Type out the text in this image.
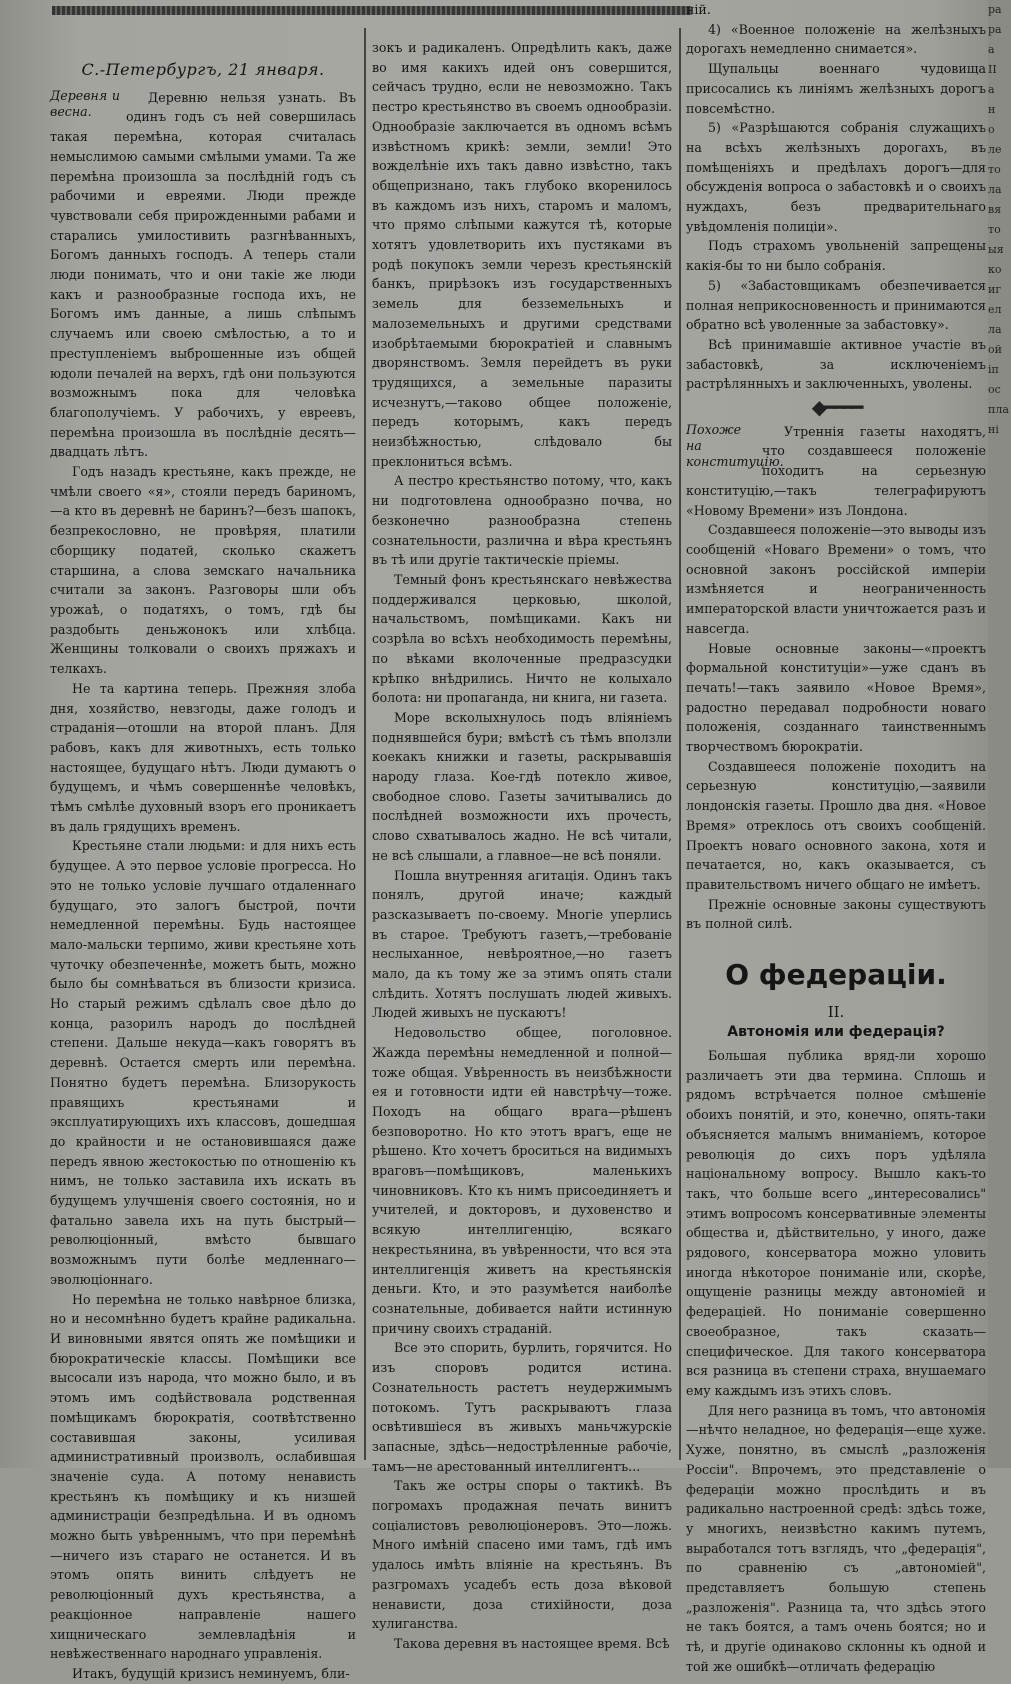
С.-Петербургъ, 21 января.
Деревня и весна.

Деревню нельзя узнать. Въ одинъ годъ съ ней совершилась такая перемѣна, которая считалась немыслимою самыми смѣлыми умами. Та же перемѣна произошла за послѣдній годъ съ рабочими и евреями. Люди прежде чувствовали себя прирожденными рабами и старались умилостивить разгнѣванныхъ, Богомъ данныхъ господъ. А теперь стали люди понимать, что и они такіе же люди какъ и разнообразные господа ихъ, не Богомъ имъ данные, а лишь слѣпымъ случаемъ или своею смѣлостью, а то и преступленіемъ выброшенные изъ общей юдоли печалей на верхъ, гдѣ они пользуются возможнымъ пока для человѣка благополучіемъ. У рабочихъ, у евреевъ, перемѣна произошла въ послѣдніе десять—двадцать лѣтъ.

Годъ назадъ крестьяне, какъ прежде, не чмѣли своего «я», стояли передъ бариномъ,—а кто въ деревнѣ не баринъ?—безъ шапокъ, безпрекословно, не провѣряя, платили сборщику податей, сколько скажетъ старшина, а слова земскаго начальника считали за законъ. Разговоры шли объ урожаѣ, о податяхъ, о томъ, гдѣ бы раздобыть деньжонокъ или хлѣбца. Женщины толковали о своихъ пряжахъ и телкахъ.

Не та картина теперь. Прежняя злоба дня, хозяйство, невзгоды, даже голодъ и страданія—отошли на второй планъ. Для рабовъ, какъ для животныхъ, есть только настоящее, будущаго нѣтъ. Люди думаютъ о будущемъ, и чѣмъ совершеннѣе человѣкъ, тѣмъ смѣлѣе духовный взоръ его проникаетъ въ даль грядущихъ временъ.

Крестьяне стали людьми: и для нихъ есть будущее. А это первое условіе прогресса. Но это не только условіе лучшаго отдаленнаго будущаго, это залогъ быстрой, почти немедленной перемѣны. Будь настоящее мало-мальски терпимо, живи крестьяне хоть чуточку обезпеченнѣе, можетъ быть, можно было бы сомнѣваться въ близости кризиса. Но старый режимъ сдѣлалъ свое дѣло до конца, разорилъ народъ до послѣдней степени. Дальше некуда—какъ говорятъ въ деревнѣ. Остается смерть или перемѣна. Понятно будетъ перемѣна. Близорукость правящихъ крестьянами и эксплуатирующихъ ихъ классовъ, дошедшая до крайности и не остановившаяся даже передъ явною жестокостью по отношенію къ нимъ, не только заставила ихъ искать въ будущемъ улучшенія своего состоянія, но и фатально завела ихъ на путь быстрый—революціонный, вмѣсто бывшаго возможнымъ пути болѣе медленнаго—эволюціоннаго.

Но перемѣна не только навѣрное близка, но и несомнѣнно будетъ крайне радикальна. И виновными явятся опять же помѣщики и бюрократическіе классы. Помѣщики все высосали изъ народа, что можно было, и въ этомъ имъ содѣйствовала родственная помѣщикамъ бюрократія, соотвѣтственно составившая законы, усиливая административный произволъ, ослабившая значеніе суда. А потому ненависть крестьянъ къ помѣщику и къ низшей администраціи безпредѣльна. И въ одномъ можно быть увѣреннымъ, что при перемѣнѣ—ничего изъ стараго не останется. И въ этомъ опять винить слѣдуетъ не революціонный духъ крестьянства, а реакціонное направленіе нашего хищническаго землевладѣнія и невѣжественнаго народнаго управленія.

Итакъ, будущій кризисъ неминуемъ, бли-

зокъ и радикаленъ. Опредѣлить какъ, даже во имя какихъ идей онъ совершится, сейчасъ трудно, если не невозможно. Такъ пестро крестьянство въ своемъ однообразіи. Однообразіе заключается въ одномъ всѣмъ извѣстномъ крикѣ: земли, земли! Это вожделѣніе ихъ такъ давно извѣстно, такъ общепризнано, такъ глубоко вкоренилось въ каждомъ изъ нихъ, старомъ и маломъ, что прямо слѣпыми кажутся тѣ, которые хотятъ удовлетворить ихъ пустяками въ родѣ покупокъ земли черезъ крестьянскій банкъ, прирѣзокъ изъ государственныхъ земель для безземельныхъ и малоземельныхъ и другими средствами изобрѣтаемыми бюрократіей и славнымъ дворянствомъ. Земля перейдетъ въ руки трудящихся, а земельные паразиты исчезнутъ,—таково общее положеніе, передъ которымъ, какъ передъ неизбѣжностью, слѣдовало бы преклониться всѣмъ.

А пестро крестьянство потому, что, какъ ни подготовлена однообразно почва, но безконечно разнообразна степень сознательности, различна и вѣра крестьянъ въ тѣ или другіе тактическіе пріемы.

Темный фонъ крестьянскаго невѣжества поддерживался церковью, школой, начальствомъ, помѣщиками. Какъ ни созрѣла во всѣхъ необходимость перемѣны, по вѣками вколоченные предразсудки крѣпко внѣдрились. Ничто не колыхало болота: ни пропаганда, ни книга, ни газета.

Море всколыхнулось подъ вліяніемъ поднявшейся бури; вмѣстѣ съ тѣмъ вползли коекакъ книжки и газеты, раскрывавшія народу глаза. Кое-гдѣ потекло живое, свободное слово. Газеты зачитывались до послѣдней возможности ихъ прочесть, слово схватывалось жадно. Не всѣ читали, не всѣ слышали, а главное—не всѣ поняли.

Пошла внутренняя агитація. Одинъ такъ понялъ, другой иначе; каждый разсказываетъ по-своему. Многіе уперлись въ старое. Требуютъ газетъ,—требованіе неслыханное, невѣроятное,—но газетъ мало, да къ тому же за этимъ опять стали слѣдить. Хотятъ послушать людей живыхъ. Людей живыхъ не пускаютъ!

Недовольство общее, поголовное. Жажда перемѣны немедленной и полной—тоже общая. Увѣренность въ неизбѣжности ея и готовности идти ей навстрѣчу—тоже. Походъ на общаго врага—рѣшенъ безповоротно. Но кто этотъ врагъ, еще не рѣшено. Кто хочетъ броситься на видимыхъ враговъ—помѣщиковъ, маленькихъ чиновниковъ. Кто къ нимъ присоединяетъ и учителей, и докторовъ, и духовенство и всякую интеллигенцію, всякаго некрестьянина, въ увѣренности, что вся эта интеллигенція живетъ на крестьянскія деньги. Кто, и это разумѣется наиболѣе сознательные, добивается найти истинную причину своихъ страданій.

Все это спорить, бурлить, горячится. Но изъ споровъ родится истина. Сознательность растетъ неудержимымъ потокомъ. Тутъ раскрываютъ глаза освѣтившіеся въ живыхъ маньчжурскіе запасные, здѣсь—недострѣленные рабочіе, тамъ—не арестованный интеллигентъ...

Такъ же остры споры о тактикѣ. Въ погромахъ продажная печать винитъ соціалистовъ революціонеровъ. Это—ложь. Много имѣній спасено ими тамъ, гдѣ имъ удалось имѣть вліяніе на крестьянъ. Въ разгромахъ усадебъ есть доза вѣковой ненависти, доза стихійности, доза хулиганства.

Такова деревня въ настоящее время. Всѣ

ній.

4) «Военное положеніе на желѣзныхъ дорогахъ немедленно снимается».

Щупальцы военнаго чудовища присосались къ линіямъ желѣзныхъ дорогъ повсемѣстно.

5) «Разрѣшаются собранія служащихъ на всѣхъ желѣзныхъ дорогахъ, въ помѣщеніяхъ и предѣлахъ дорогъ—для обсужденія вопроса о забастовкѣ и о своихъ нуждахъ, безъ предварительнаго увѣдомленія полиціи».

Подъ страхомъ увольненій запрещены какія-бы то ни было собранія.

5) «Забастовщикамъ обезпечивается полная неприкосновенность и принимаются обратно всѣ уволенные за забастовку».

Всѣ принимавшіе активное участіе въ забастовкѣ, за исключеніемъ растрѣлянныхъ и заключенныхъ, уволены.

◆━━━━
Похоже на конституцію.

Утреннія газеты находятъ, что создавшееся положеніе походитъ на серьезную конституцію,—такъ телеграфируютъ «Новому Времени» изъ Лондона.

Создавшееся положеніе—это выводы изъ сообщеній «Новаго Времени» о томъ, что основной законъ россійской имперіи измѣняется и неограниченность императорской власти уничтожается разъ и навсегда.

Новые основные законы—«проектъ формальной конституціи»—уже сданъ въ печать!—такъ заявило «Новое Время», радостно передавал подробности новаго положенія, созданнаго таинственнымъ творчествомъ бюрократіи.

Создавшееся положеніе походитъ на серьезную конституцію,—заявили лондонскія газеты. Прошло два дня. «Новое Время» отреклось отъ своихъ сообщеній. Проектъ новаго основного закона, хотя и печатается, но, какъ оказывается, съ правительствомъ ничего общаго не имѣетъ.

Прежніе основные законы существуютъ въ полной силѣ.

О федераціи.
II.
Автономія или федерація?

Большая публика вряд-ли хорошо различаетъ эти два термина. Сплошь и рядомъ встрѣчается полное смѣшеніе обоихъ понятій, и это, конечно, опять-таки объясняется малымъ вниманіемъ, которое революція до сихъ поръ удѣляла національному вопросу. Вышло какъ-то такъ, что больше всего „интересовались" этимъ вопросомъ консервативные элементы общества и, дѣйствительно, у иного, даже рядового, консерватора можно уловить иногда нѣкоторое пониманіе или, скорѣе, ощущеніе разницы между автономіей и федераціей. Но пониманіе совершенно своеобразное, такъ сказать—специфическое. Для такого консерватора вся разница въ степени страха, внушаемаго ему каждымъ изъ этихъ словъ.

Для него разница въ томъ, что автономія—нѣчто неладное, но федерація—еще хуже. Хуже, понятно, въ смыслѣ „разложенія Россіи". Впрочемъ, это представленіе о федераціи можно прослѣдить и въ радикально настроенной средѣ: здѣсь тоже, у многихъ, неизвѣстно какимъ путемъ, выработался тотъ взглядъ, что „федерація", по сравненію съ „автономіей", представляетъ большую степень „разложенія". Разница та, что здѣсь этого не такъ боятся, а тамъ очень боятся; но и тѣ, и другіе одинаково склонны къ одной и той же ошибкѣ—отличать федерацію

ра
ра
а
II
а
н
о
ле
то
ла
вя
то
ыя
ко
иг
ел
ла
ой
іп
ос
пла
ні
